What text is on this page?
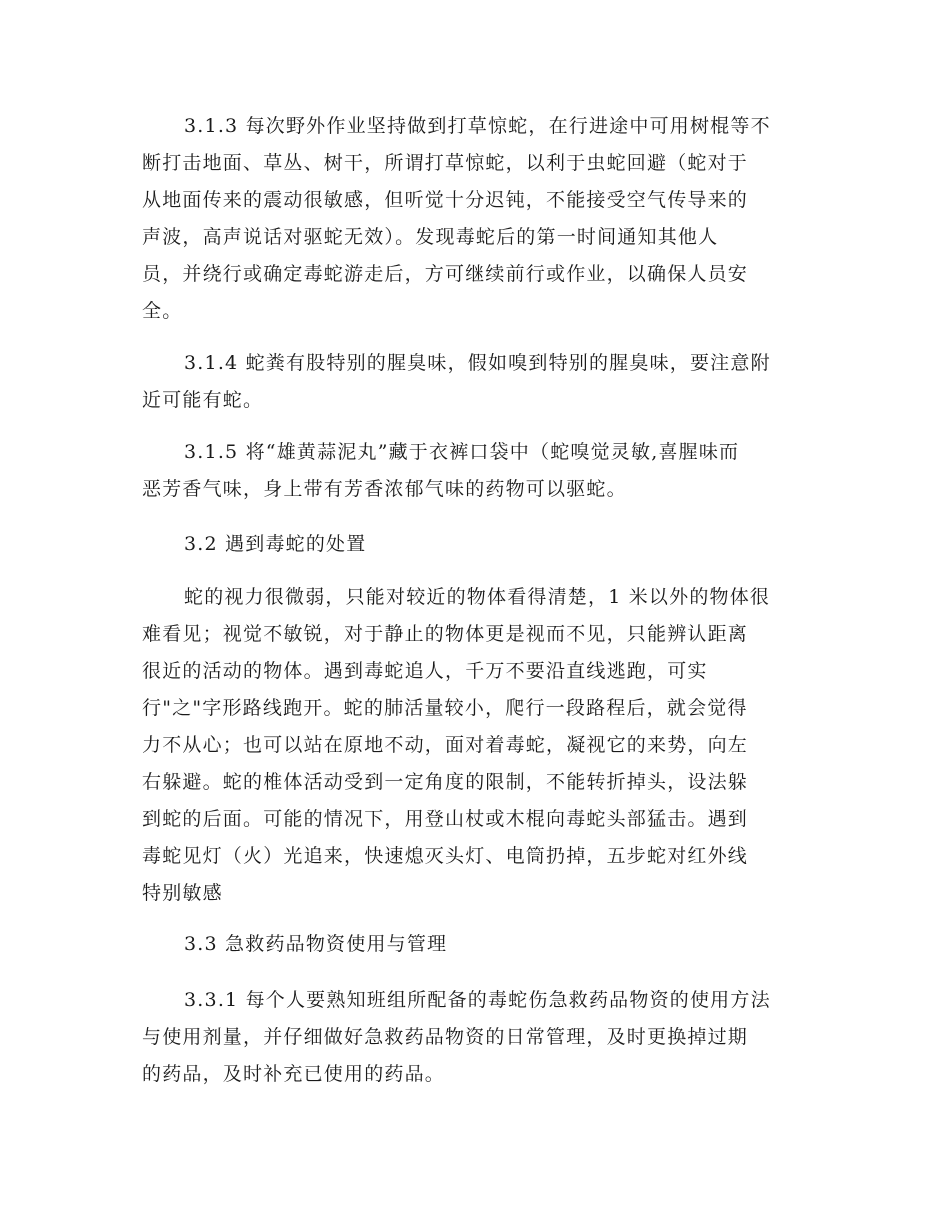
3.1.3 每次野外作业坚持做到打草惊蛇，在行进途中可用树棍等不
断打击地面、草丛、树干，所谓打草惊蛇，以利于虫蛇回避（蛇对于
从地面传来的震动很敏感，但听觉十分迟钝，不能接受空气传导来的
声波，高声说话对驱蛇无效）。发现毒蛇后的第一时间通知其他人
员，并绕行或确定毒蛇游走后，方可继续前行或作业，以确保人员安
全。
3.1.4 蛇粪有股特别的腥臭味，假如嗅到特别的腥臭味，要注意附
近可能有蛇。
3.1.5 将“雄黄蒜泥丸”藏于衣裤口袋中（蛇嗅觉灵敏,喜腥味而
恶芳香气味，身上带有芳香浓郁气味的药物可以驱蛇。
3.2 遇到毒蛇的处置
蛇的视力很微弱，只能对较近的物体看得清楚，1 米以外的物体很
难看见；视觉不敏锐，对于静止的物体更是视而不见，只能辨认距离
很近的活动的物体。遇到毒蛇追人，千万不要沿直线逃跑，可实
行"之"字形路线跑开。蛇的肺活量较小，爬行一段路程后，就会觉得
力不从心；也可以站在原地不动，面对着毒蛇，凝视它的来势，向左
右躲避。蛇的椎体活动受到一定角度的限制，不能转折掉头，设法躲
到蛇的后面。可能的情况下，用登山杖或木棍向毒蛇头部猛击。遇到
毒蛇见灯（火）光追来，快速熄灭头灯、电筒扔掉，五步蛇对红外线
特别敏感
3.3 急救药品物资使用与管理
3.3.1 每个人要熟知班组所配备的毒蛇伤急救药品物资的使用方法
与使用剂量，并仔细做好急救药品物资的日常管理，及时更换掉过期
的药品，及时补充已使用的药品。
